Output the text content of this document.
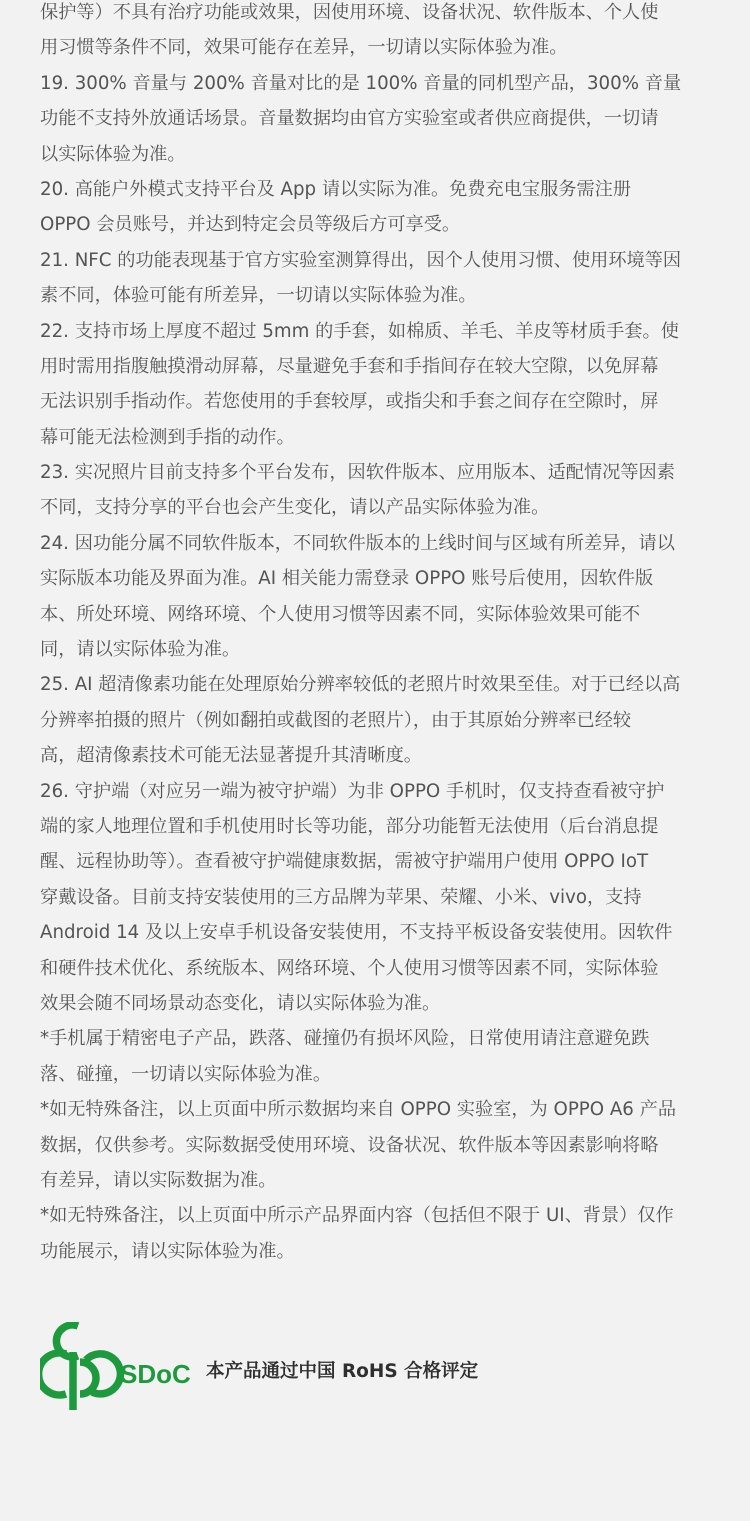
保护等）不具有治疗功能或效果，因使用环境、设备状况、软件版本、个人使
用习惯等条件不同，效果可能存在差异，一切请以实际体验为准。
19. 300% 音量与 200% 音量对比的是 100% 音量的同机型产品，300% 音量
功能不支持外放通话场景。音量数据均由官方实验室或者供应商提供，一切请
以实际体验为准。
20. 高能户外模式支持平台及 App 请以实际为准。免费充电宝服务需注册
OPPO 会员账号，并达到特定会员等级后方可享受。
21. NFC 的功能表现基于官方实验室测算得出，因个人使用习惯、使用环境等因
素不同，体验可能有所差异，一切请以实际体验为准。
22. 支持市场上厚度不超过 5mm 的手套，如棉质、羊毛、羊皮等材质手套。使
用时需用指腹触摸滑动屏幕，尽量避免手套和手指间存在较大空隙，以免屏幕
无法识别手指动作。若您使用的手套较厚，或指尖和手套之间存在空隙时，屏
幕可能无法检测到手指的动作。
23. 实况照片目前支持多个平台发布，因软件版本、应用版本、适配情况等因素
不同，支持分享的平台也会产生变化，请以产品实际体验为准。
24. 因功能分属不同软件版本，不同软件版本的上线时间与区域有所差异，请以
实际版本功能及界面为准。AI 相关能力需登录 OPPO 账号后使用，因软件版
本、所处环境、网络环境、个人使用习惯等因素不同，实际体验效果可能不
同，请以实际体验为准。
25. AI 超清像素功能在处理原始分辨率较低的老照片时效果至佳。对于已经以高
分辨率拍摄的照片（例如翻拍或截图的老照片），由于其原始分辨率已经较
高，超清像素技术可能无法显著提升其清晰度。
26. 守护端（对应另一端为被守护端）为非 OPPO 手机时，仅支持查看被守护
端的家人地理位置和手机使用时长等功能，部分功能暂无法使用（后台消息提
醒、远程协助等）。查看被守护端健康数据，需被守护端用户使用 OPPO IoT
穿戴设备。目前支持安装使用的三方品牌为苹果、荣耀、小米、vivo，支持
Android 14 及以上安卓手机设备安装使用，不支持平板设备安装使用。因软件
和硬件技术优化、系统版本、网络环境、个人使用习惯等因素不同，实际体验
效果会随不同场景动态变化，请以实际体验为准。
*手机属于精密电子产品，跌落、碰撞仍有损坏风险，日常使用请注意避免跌
落、碰撞，一切请以实际体验为准。
*如无特殊备注，以上页面中所示数据均来自 OPPO 实验室，为 OPPO A6 产品
数据，仅供参考。实际数据受使用环境、设备状况、软件版本等因素影响将略
有差异，请以实际数据为准。
*如无特殊备注，以上页面中所示产品界面内容（包括但不限于 UI、背景）仅作
功能展示，请以实际体验为准。
SDoC 本产品通过中国 RoHS 合格评定
